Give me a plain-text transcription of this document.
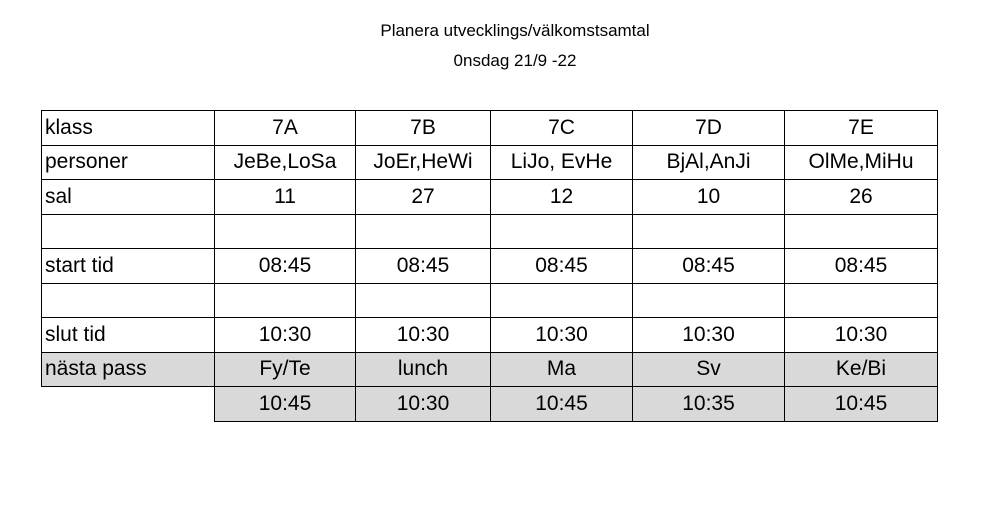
Planera utvecklings/välkomstsamtal
0nsdag 21/9 -22
klass	7A	7B	7C	7D	7E
personer	JeBe,LoSa	JoEr,HeWi	LiJo, EvHe	BjAl,AnJi	OlMe,MiHu
sal	11	27	12	10	26

start tid	08:45	08:45	08:45	08:45	08:45

slut tid	10:30	10:30	10:30	10:30	10:30
nästa pass	Fy/Te	lunch	Ma	Sv	Ke/Bi
	10:45	10:30	10:45	10:35	10:45
